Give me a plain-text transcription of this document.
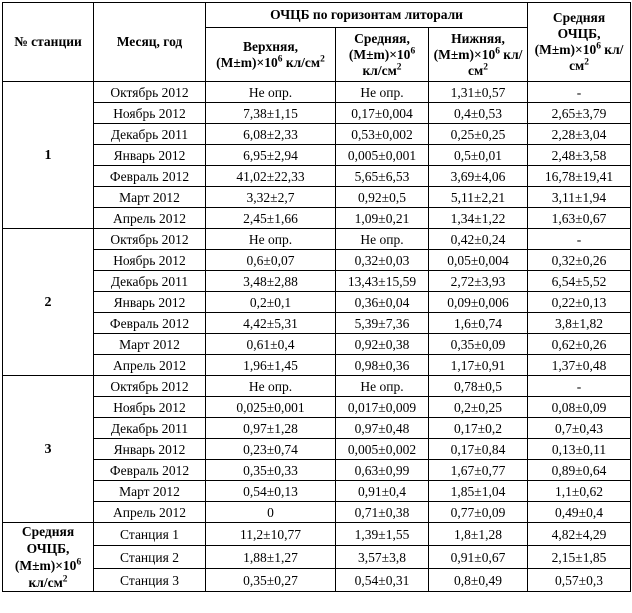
№ станции	Месяц, год	ОЧЦБ по горизонтам литорали			Средняя ОЧЦБ, $(M\pm m)\times 10^6$ $кл/см^2$
		Верхняя, $(M\pm m)\times 10^6$ $кл/см^2$	Средняя, $(M\pm m)\times 10^6$ $кл/см^2$	Нижняя, $(M\pm m)\times 10^6$ $кл/см^2$
1	Октябрь 2012	Не опр.	Не опр.	1,31±0,57	-
	Ноябрь 2012	7,38±1,15	0,17±0,004	0,4±0,53	2,65±3,79
	Декабрь 2011	6,08±2,33	0,53±0,002	0,25±0,25	2,28±3,04
	Январь 2012	6,95±2,94	0,005±0,001	0,5±0,01	2,48±3,58
	Февраль 2012	41,02±22,33	5,65±6,53	3,69±4,06	16,78±19,41
	Март 2012	3,32±2,7	0,92±0,5	5,11±2,21	3,11±1,94
	Апрель 2012	2,45±1,66	1,09±0,21	1,34±1,22	1,63±0,67
2	Октябрь 2012	Не опр.	Не опр.	0,42±0,24	-
	Ноябрь 2012	0,6±0,07	0,32±0,03	0,05±0,004	0,32±0,26
	Декабрь 2011	3,48±2,88	13,43±15,59	2,72±3,93	6,54±5,52
	Январь 2012	0,2±0,1	0,36±0,04	0,09±0,006	0,22±0,13
	Февраль 2012	4,42±5,31	5,39±7,36	1,6±0,74	3,8±1,82
	Март 2012	0,61±0,4	0,92±0,38	0,35±0,09	0,62±0,26
	Апрель 2012	1,96±1,45	0,98±0,36	1,17±0,91	1,37±0,48
3	Октябрь 2012	Не опр.	Не опр.	0,78±0,5	-
	Ноябрь 2012	0,025±0,001	0,017±0,009	0,2±0,25	0,08±0,09
	Декабрь 2011	0,97±1,28	0,97±0,48	0,17±0,2	0,7±0,43
	Январь 2012	0,23±0,74	0,005±0,002	0,17±0,84	0,13±0,11
	Февраль 2012	0,35±0,33	0,63±0,99	1,67±0,77	0,89±0,64
	Март 2012	0,54±0,13	0,91±0,4	1,85±1,04	1,1±0,62
	Апрель 2012	0	0,71±0,38	0,77±0,09	0,49±0,4
Средняя
ОЧЦБ,
$(M\pm m)\times 10^6$
$кл/см^2$	Станция 1	11,2±10,77	1,39±1,55	1,8±1,28	4,82±4,29
	Станция 2	1,88±1,27	3,57±3,8	0,91±0,67	2,15±1,85
	Станция 3	0,35±0,27	0,54±0,31	0,8±0,49	0,57±0,3
